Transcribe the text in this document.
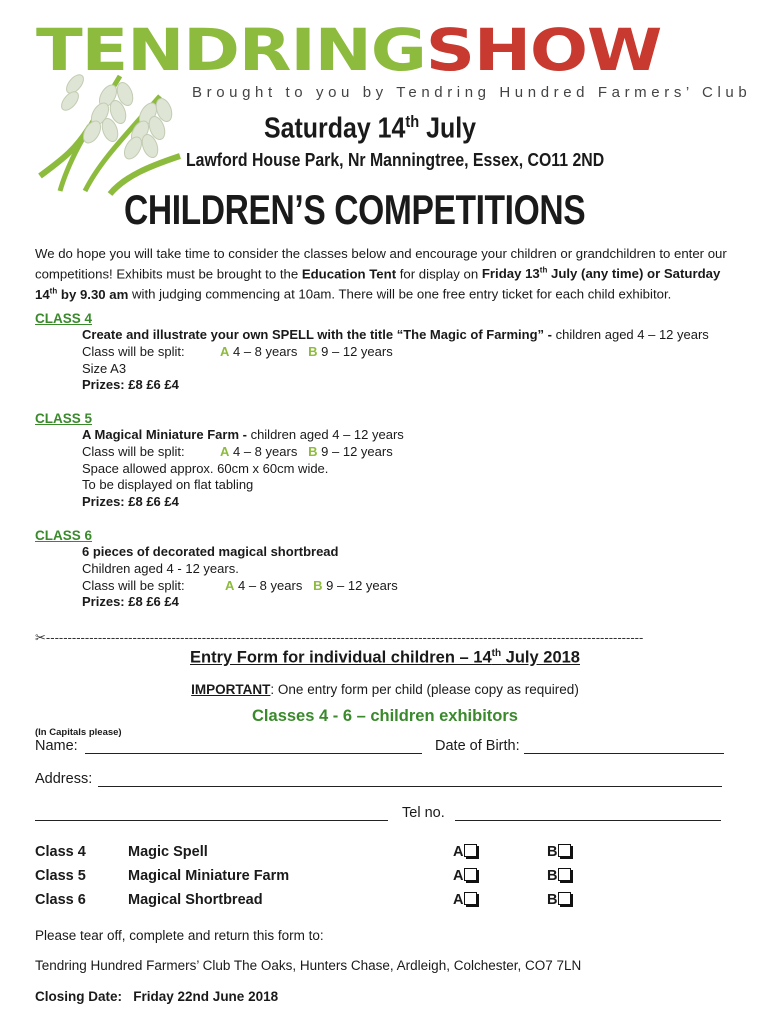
TENDRINGSHOW
Brought to you by Tendring Hundred Farmers’ Club
Saturday 14th July
Lawford House Park, Nr Manningtree, Essex, CO11 2ND
CHILDREN’S COMPETITIONS
We do hope you will take time to consider the classes below and encourage your children or grandchildren to enter our competitions! Exhibits must be brought to the Education Tent for display on Friday 13th July (any time) or Saturday 14th by 9.30 am with judging commencing at 10am. There will be one free entry ticket for each child exhibitor.
CLASS 4
Create and illustrate your own SPELL with the title “The Magic of Farming” - children aged 4 – 12 years
Class will be split:	A 4 – 8 years B 9 – 12 years
Size A3
Prizes: £8 £6 £4
CLASS 5
A Magical Miniature Farm - children aged 4 – 12 years
Class will be split:	A 4 – 8 years B 9 – 12 years
Space allowed approx. 60cm x 60cm wide.
To be displayed on flat tabling
Prizes: £8 £6 £4
CLASS 6
6 pieces of decorated magical shortbread
Children aged 4 - 12 years.
Class will be split:	A 4 – 8 years B 9 – 12 years
Prizes: £8 £6 £4
✂------------------------------------------------------------------------------------------------------------------------------------------
Entry Form for individual children – 14th July 2018
IMPORTANT: One entry form per child (please copy as required)
Classes 4 - 6 – children exhibitors
(In Capitals please)
Name:	Date of Birth:
Address:
Tel no.
Class 4	Magic Spell	A	B
Class 5	Magical Miniature Farm	A	B
Class 6	Magical Shortbread	A	B
Please tear off, complete and return this form to:
Tendring Hundred Farmers’ Club The Oaks, Hunters Chase, Ardleigh, Colchester, CO7 7LN
Closing Date: Friday 22nd June 2018
